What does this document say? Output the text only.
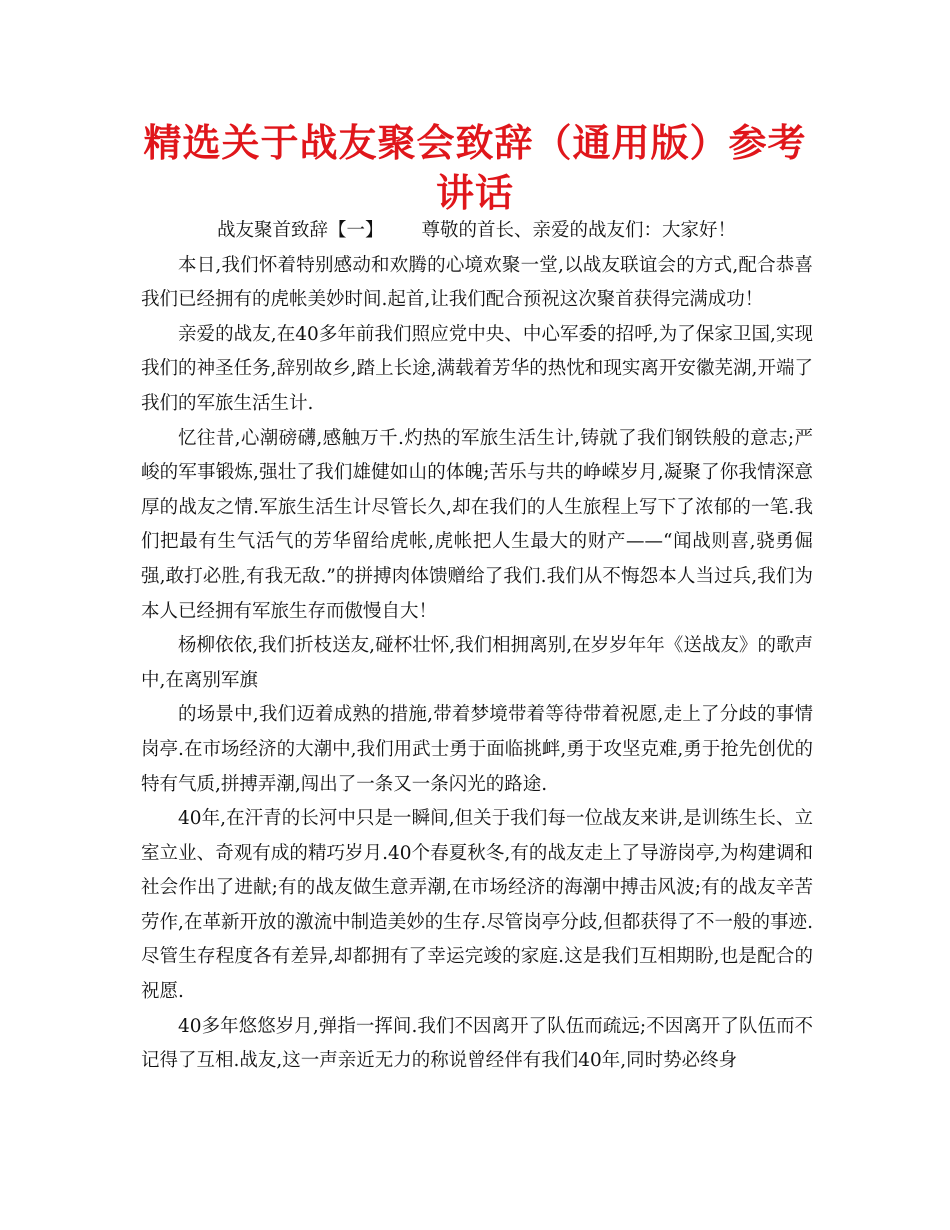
精选关于战友聚会致辞（通用版）参考讲话
战友聚首致辞【一】 尊敬的首长、亲爱的战友们：大家好！

本日,我们怀着特别感动和欢腾的心境欢聚一堂,以战友联谊会的方式,配合恭喜我们已经拥有的虎帐美妙时间.起首,让我们配合预祝这次聚首获得完满成功！

亲爱的战友,在40多年前我们照应党中央、中心军委的招呼,为了保家卫国,实现我们的神圣任务,辞别故乡,踏上长途,满载着芳华的热忱和现实离开安徽芜湖,开端了我们的军旅生活生计.

忆往昔,心潮磅礴,感触万千.灼热的军旅生活生计,铸就了我们钢铁般的意志;严峻的军事锻炼,强壮了我们雄健如山的体魄;苦乐与共的峥嵘岁月,凝聚了你我情深意厚的战友之情.军旅生活生计尽管长久,却在我们的人生旅程上写下了浓郁的一笔.我们把最有生气活气的芳华留给虎帐,虎帐把人生最大的财产——“闻战则喜,骁勇倔强,敢打必胜,有我无敌.”的拼搏肉体馈赠给了我们.我们从不悔怨本人当过兵,我们为本人已经拥有军旅生存而傲慢自大！

杨柳依依,我们折枝送友,碰杯壮怀,我们相拥离别,在岁岁年年《送战友》的歌声中,在离别军旗

的场景中,我们迈着成熟的措施,带着梦境带着等待带着祝愿,走上了分歧的事情岗亭.在市场经济的大潮中,我们用武士勇于面临挑衅,勇于攻坚克难,勇于抢先创优的特有气质,拼搏弄潮,闯出了一条又一条闪光的路途.

40年,在汗青的长河中只是一瞬间,但关于我们每一位战友来讲,是训练生长、立室立业、奇观有成的精巧岁月.40个春夏秋冬,有的战友走上了导游岗亭,为构建调和社会作出了进献;有的战友做生意弄潮,在市场经济的海潮中搏击风波;有的战友辛苦劳作,在革新开放的激流中制造美妙的生存.尽管岗亭分歧,但都获得了不一般的事迹.尽管生存程度各有差异,却都拥有了幸运完竣的家庭.这是我们互相期盼,也是配合的祝愿.

40多年悠悠岁月,弹指一挥间.我们不因离开了队伍而疏远;不因离开了队伍而不记得了互相.战友,这一声亲近无力的称说曾经伴有我们40年,同时势必终身
